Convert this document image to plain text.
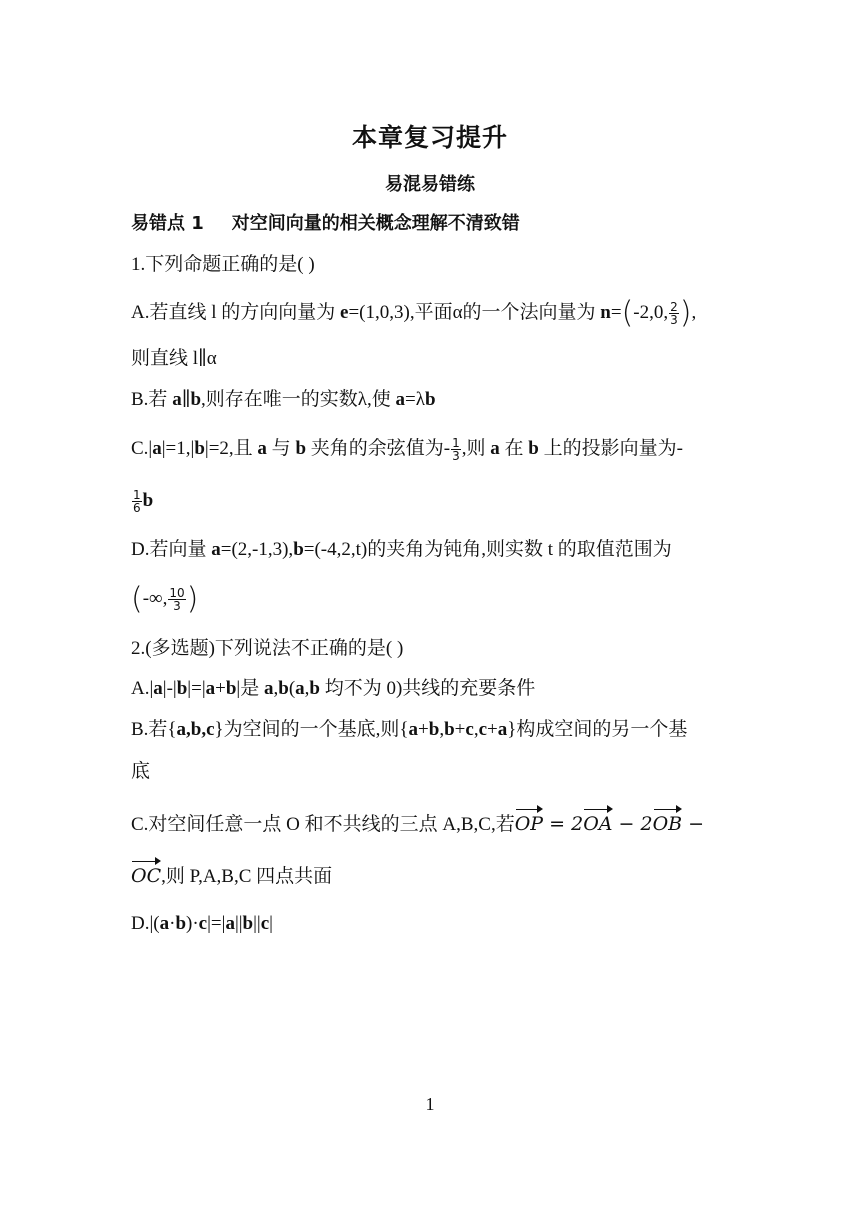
本章复习提升
易混易错练
易错点 1 对空间向量的相关概念理解不清致错
1.下列命题正确的是( )
A.若直线 l 的方向向量为 e=(1,0,3),平面α的一个法向量为 n=(-2,0, $\frac{2}{3}$ ),
则直线 l∥α
B.若 a∥b,则存在唯一的实数λ,使 a=λb
C.|a|=1,|b|=2,且 a 与 b 夹角的余弦值为- $\frac{1}{3}$ ,则 a 在 b 上的投影向量为-
$\frac{1}{6}$ b
D.若向量 a=(2,-1,3),b=(-4,2,t)的夹角为钝角,则实数 t 的取值范围为
(-∞, $\frac{10}{3}$ )
2.(多选题)下列说法不正确的是( )
A.|a|-|b|=|a+b|是 a,b(a,b 均不为 0)共线的充要条件
B.若{a,b,c}为空间的一个基底,则{a+b,b+c,c+a}构成空间的另一个基
底
C.对空间任意一点 O 和不共线的三点 A,B,C,若OP = 2OA − 2OB −
OC,则 P,A,B,C 四点共面
D.|(a·b)·c|=|a||b||c|
1
